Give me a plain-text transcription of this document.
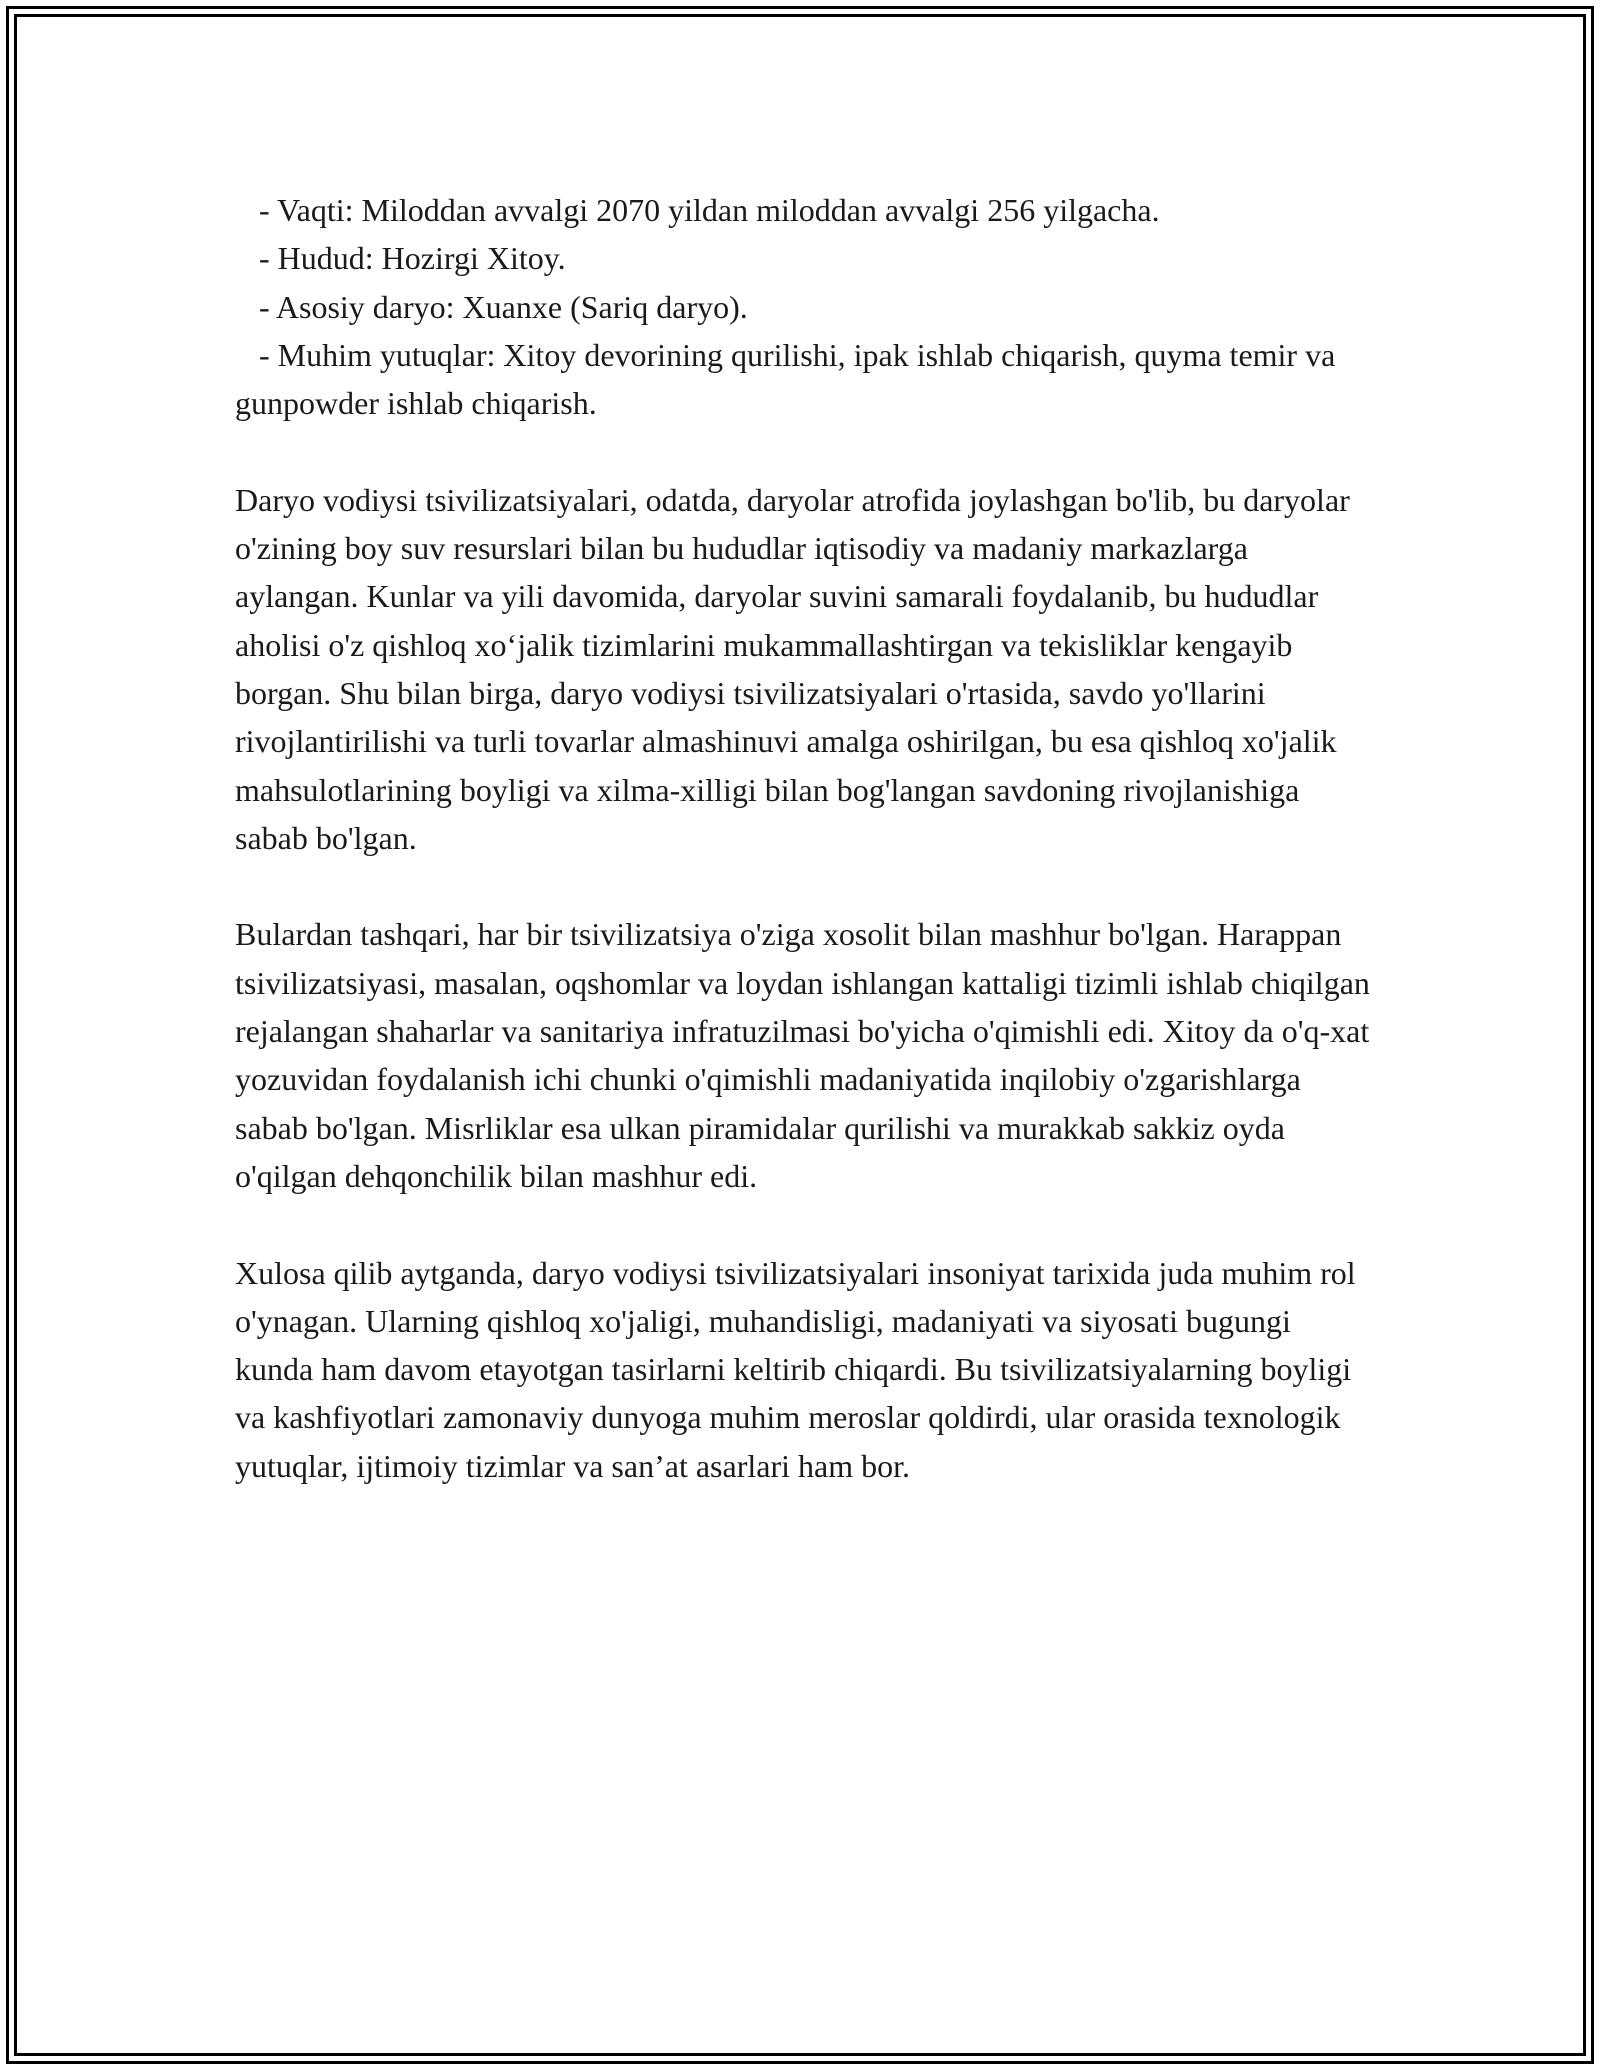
- Vaqti: Miloddan avvalgi 2070 yildan miloddan avvalgi 256 yilgacha.

- Hudud: Hozirgi Xitoy.

- Asosiy daryo: Xuanxe (Sariq daryo).

- Muhim yutuqlar: Xitoy devorining qurilishi, ipak ishlab chiqarish, quyma temir va gunpowder ishlab chiqarish.

Daryo vodiysi tsivilizatsiyalari, odatda, daryolar atrofida joylashgan bo'lib, bu daryolar o'zining boy suv resurslari bilan bu hududlar iqtisodiy va madaniy markazlarga aylangan. Kunlar va yili davomida, daryolar suvini samarali foydalanib, bu hududlar aholisi o'z qishloq xo‘jalik tizimlarini mukammallashtirgan va tekisliklar kengayib borgan. Shu bilan birga, daryo vodiysi tsivilizatsiyalari o'rtasida, savdo yo'llarini rivojlantirilishi va turli tovarlar almashinuvi amalga oshirilgan, bu esa qishloq xo'jalik mahsulotlarining boyligi va xilma-xilligi bilan bog'langan savdoning rivojlanishiga sabab bo'lgan.

Bulardan tashqari, har bir tsivilizatsiya o'ziga xosolit bilan mashhur bo'lgan. Harappan tsivilizatsiyasi, masalan, oqshomlar va loydan ishlangan kattaligi tizimli ishlab chiqilgan rejalangan shaharlar va sanitariya infratuzilmasi bo'yicha o'qimishli edi. Xitoy da o'q-xat yozuvidan foydalanish ichi chunki o'qimishli madaniyatida inqilobiy o'zgarishlarga sabab bo'lgan. Misrliklar esa ulkan piramidalar qurilishi va murakkab sakkiz oyda o'qilgan dehqonchilik bilan mashhur edi.

Xulosa qilib aytganda, daryo vodiysi tsivilizatsiyalari insoniyat tarixida juda muhim rol o'ynagan. Ularning qishloq xo'jaligi, muhandisligi, madaniyati va siyosati bugungi kunda ham davom etayotgan tasirlarni keltirib chiqardi. Bu tsivilizatsiyalarning boyligi va kashfiyotlari zamonaviy dunyoga muhim meroslar qoldirdi, ular orasida texnologik yutuqlar, ijtimoiy tizimlar va san’at asarlari ham bor.
